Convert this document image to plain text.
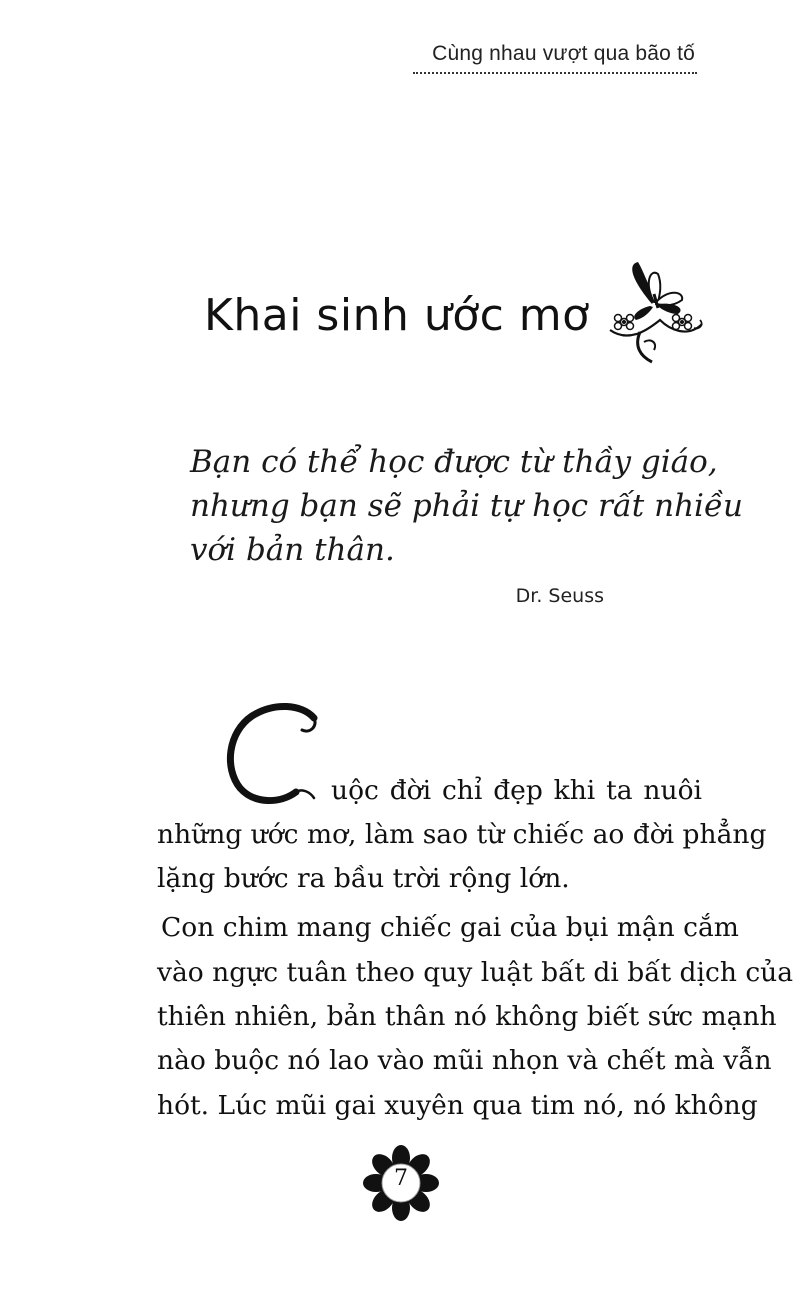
Cùng nhau vượt qua bão tố
Khai sinh ước mơ
Bạn có thể học được từ thầy giáo,
nhưng bạn sẽ phải tự học rất nhiều
với bản thân.
Dr. Seuss
uộc đời chỉ đẹp khi ta nuôi
những ước mơ, làm sao từ chiếc ao đời phẳng
lặng bước ra bầu trời rộng lớn.
Con chim mang chiếc gai của bụi mận cắm
vào ngực tuân theo quy luật bất di bất dịch của
thiên nhiên, bản thân nó không biết sức mạnh
nào buộc nó lao vào mũi nhọn và chết mà vẫn
hót. Lúc mũi gai xuyên qua tim nó, nó không
7
